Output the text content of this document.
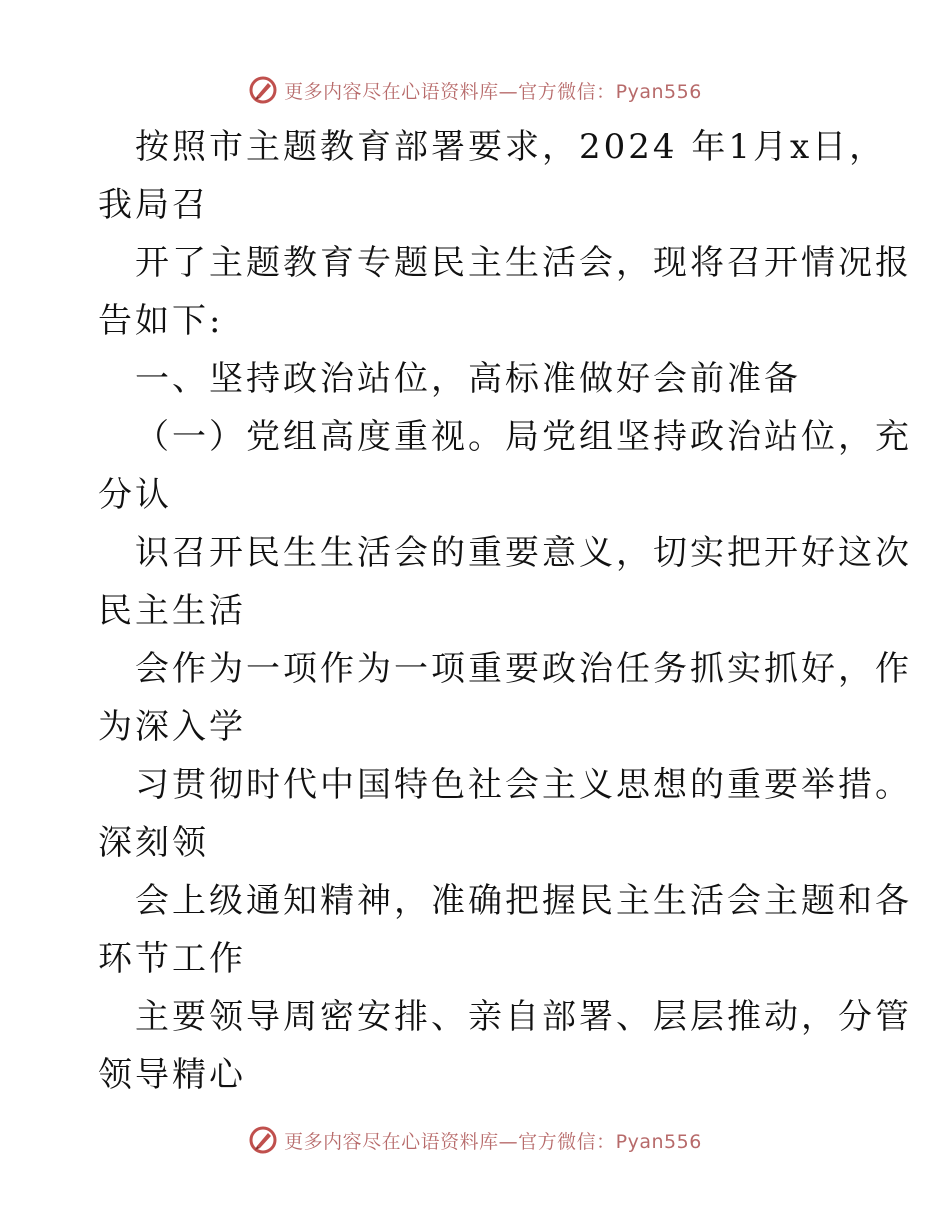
更多内容尽在心语资料库—官方微信：Pyan556
按照市主题教育部署要求，2024 年1月x日，
我局召
开了主题教育专题民主生活会，现将召开情况报
告如下:
一、坚持政治站位，高标准做好会前准备
（一）党组高度重视。局党组坚持政治站位，充
分认
识召开民生生活会的重要意义，切实把开好这次
民主生活
会作为一项作为一项重要政治任务抓实抓好，作
为深入学
习贯彻时代中国特色社会主义思想的重要举措。
深刻领
会上级通知精神，准确把握民主生活会主题和各
环节工作
主要领导周密安排、亲自部署、层层推动，分管
领导精心
更多内容尽在心语资料库—官方微信：Pyan556
